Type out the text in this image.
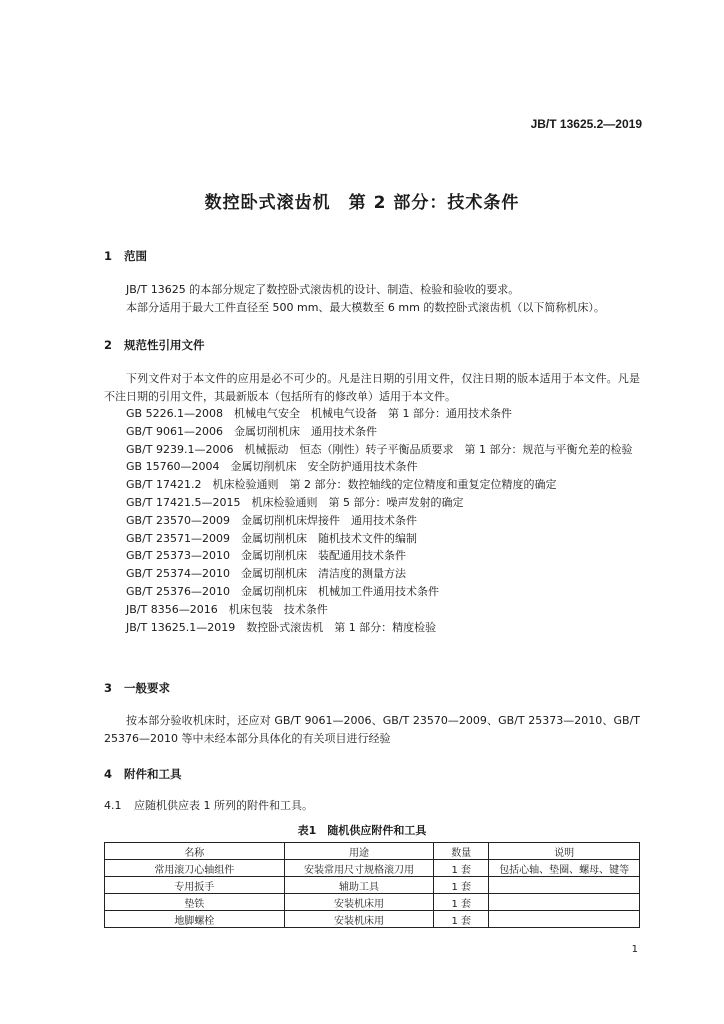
JB/T 13625.2—2019
数控卧式滚齿机　第 2 部分：技术条件
1 范围
JB/T 13625 的本部分规定了数控卧式滚齿机的设计、制造、检验和验收的要求。
本部分适用于最大工件直径至 500 mm、最大模数至 6 mm 的数控卧式滚齿机（以下简称机床）。
2 规范性引用文件
下列文件对于本文件的应用是必不可少的。凡是注日期的引用文件，仅注日期的版本适用于本文件。凡是不注日期的引用文件，其最新版本（包括所有的修改单）适用于本文件。
GB 5226.1—2008　机械电气安全　机械电气设备　第 1 部分：通用技术条件
GB/T 9061—2006　金属切削机床　通用技术条件
GB/T 9239.1—2006　机械振动　恒态（刚性）转子平衡品质要求　第 1 部分：规范与平衡允差的检验
GB 15760—2004　金属切削机床　安全防护通用技术条件
GB/T 17421.2　机床检验通则　第 2 部分：数控轴线的定位精度和重复定位精度的确定
GB/T 17421.5—2015　机床检验通则　第 5 部分：噪声发射的确定
GB/T 23570—2009　金属切削机床焊接件　通用技术条件
GB/T 23571—2009　金属切削机床　随机技术文件的编制
GB/T 25373—2010　金属切削机床　装配通用技术条件
GB/T 25374—2010　金属切削机床　清洁度的测量方法
GB/T 25376—2010　金属切削机床　机械加工件通用技术条件
JB/T 8356—2016　机床包装　技术条件
JB/T 13625.1—2019　数控卧式滚齿机　第 1 部分：精度检验
3 一般要求
按本部分验收机床时，还应对 GB/T 9061—2006、GB/T 23570—2009、GB/T 25373—2010、GB/T 25376—2010 等中未经本部分具体化的有关项目进行经验
4 附件和工具
4.1 应随机供应表 1 所列的附件和工具。
表1　随机供应附件和工具
名称	用途	数量	说明
常用滚刀心轴组件	安装常用尺寸规格滚刀用	1 套	包括心轴、垫圈、螺母、键等
专用扳手	辅助工具	1 套	
垫铁	安装机床用	1 套	
地脚螺栓	安装机床用	1 套	
1
